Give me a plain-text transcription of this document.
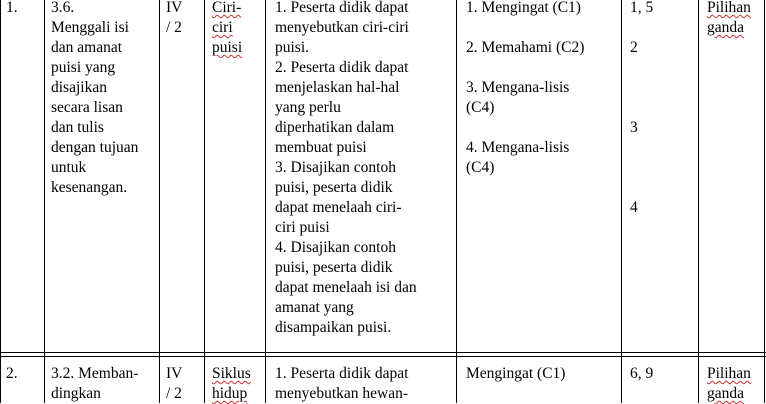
1. 3.6.
Menggali isi
dan amanat
puisi yang
disajikan
secara lisan
dan tulis
dengan tujuan
untuk
kesenangan.
IV
/ 2
Ciri-
ciri
puisi
1. Peserta didik dapat
menyebutkan ciri-ciri
puisi.
2. Peserta didik dapat
menjelaskan hal-hal
yang perlu
diperhatikan dalam
membuat puisi
3. Disajikan contoh
puisi, peserta didik
dapat menelaah ciri-
ciri puisi
4. Disajikan contoh
puisi, peserta didik
dapat menelaah isi dan
amanat yang
disampaikan puisi.
1. Mengingat (C1)
2. Memahami (C2)
3. Mengana-lisis
(C4)
4. Mengana-lisis
(C4)
1, 5
2
3
4
Pilihan
ganda
2. 3.2. Memban-
dingkan
IV
/ 2
Siklus
hidup
1. Peserta didik dapat
menyebutkan hewan-
Mengingat (C1)	6, 9	Pilihan
ganda
